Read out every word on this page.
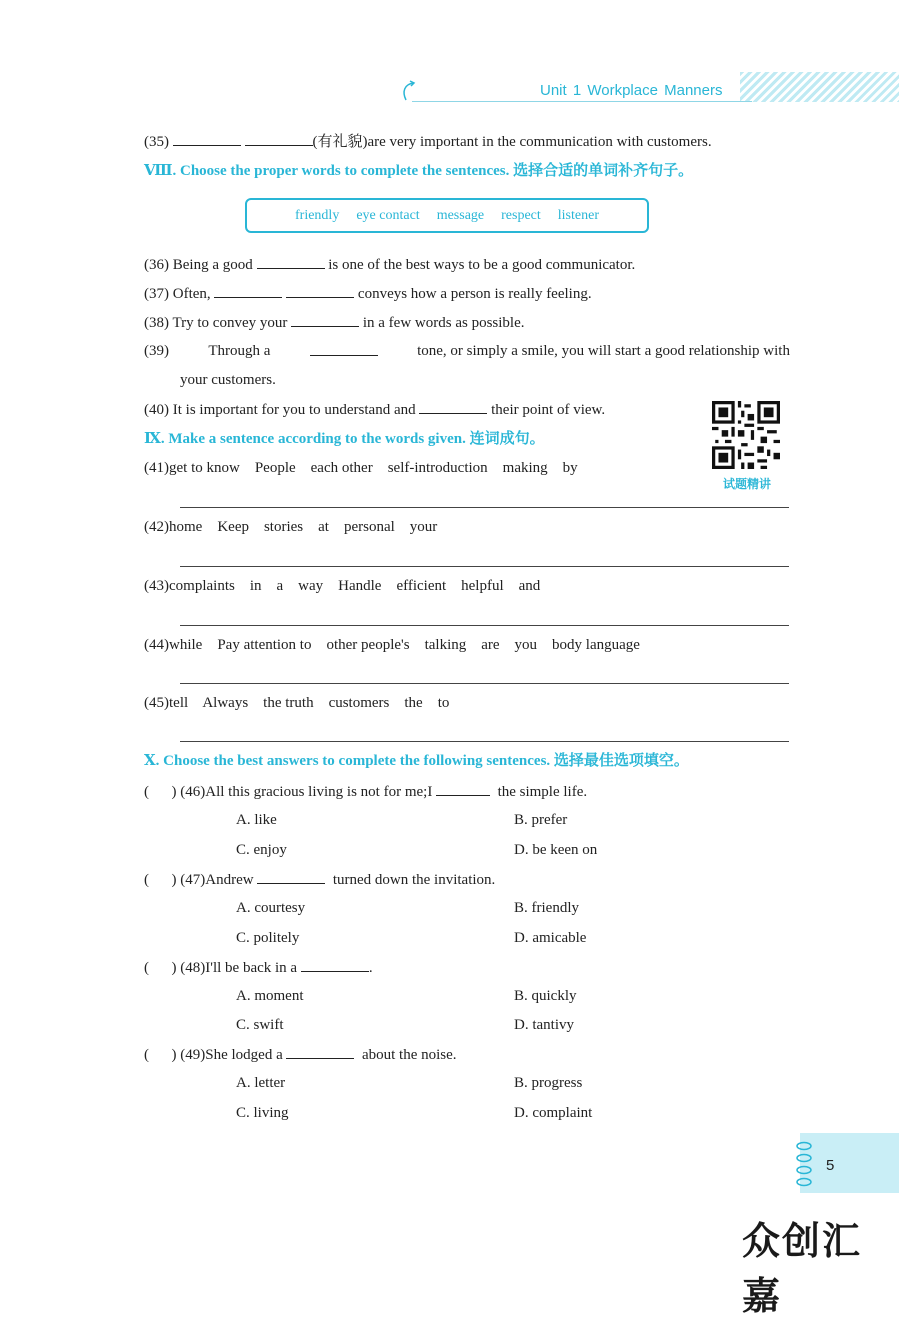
Unit 1 Workplace Manners
(35)	(有礼貌)are very important in the communication with customers.
Ⅷ. Choose the proper words to complete the sentences. 选择合适的单词补齐句子。
friendly eye contact message respect listener
(36) Being a good	is one of the best ways to be a good communicator.
(37) Often,	conveys how a person is really feeling.
(38) Try to convey your	in a few words as possible.
(39)	Through a	tone, or simply a smile, you will start a good relationship with
your customers.
(40) It is important for you to understand and	their point of view.
试题精讲
Ⅸ. Make a sentence according to the words given. 连词成句。
(41)get to know    People    each other    self-introduction    making    by
(42)home    Keep    stories    at    personal    your
(43)complaints    in    a    way    Handle    efficient    helpful    and
(44)while    Pay attention to    other people's    talking    are    you    body language
(45)tell    Always    the truth    customers    the    to
Ⅹ. Choose the best answers to complete the following sentences. 选择最佳选项填空。
(      ) (46)All this gracious living is not for me;I	the simple life.
A. like	B. prefer
C. enjoy	D. be keen on
(      ) (47)Andrew	turned down the invitation.
A. courtesy	B. friendly
C. politely	D. amicable
(      ) (48)I'll be back in a	.
A. moment	B. quickly
C. swift	D. tantivy
(      ) (49)She lodged a	about the noise.
A. letter	B. progress
C. living	D. complaint
5
众创汇嘉
